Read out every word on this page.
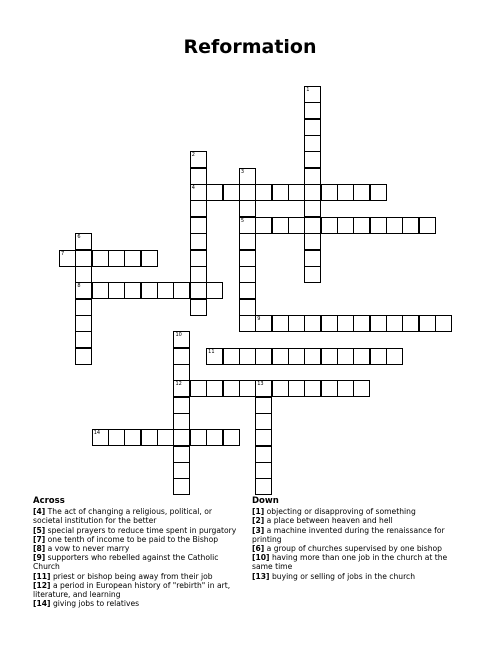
Reformation
1
2
4
3
5
6
8
7
9
10
12
11
13
14
Across
[4] The act of changing a religious, political, or societal institution for the better
[5] special prayers to reduce time spent in purgatory
[7] one tenth of income to be paid to the Bishop
[8] a vow to never marry
[9] supporters who rebelled against the Catholic Church
[11] priest or bishop being away from their job
[12] a period in European history of "rebirth" in art, literature, and learning
[14] giving jobs to relatives
Down
[1] objecting or disapproving of something
[2] a place between heaven and hell
[3] a machine invented during the renaissance for printing
[6] a group of churches supervised by one bishop
[10] having more than one job in the church at the same time
[13] buying or selling of jobs in the church
